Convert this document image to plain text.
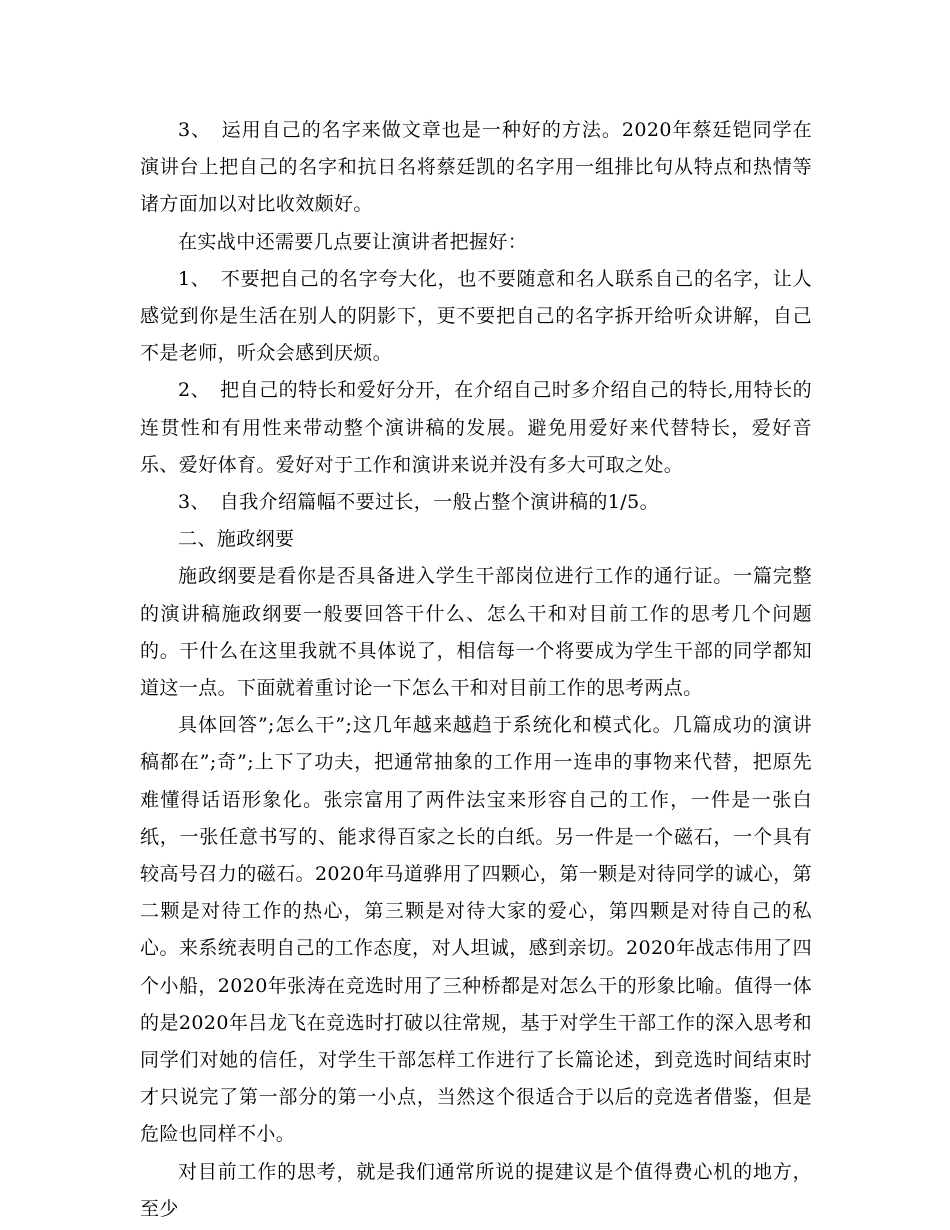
3、　运用自己的名字来做文章也是一种好的方法。2020年蔡廷铠同学在演讲台上把自己的名字和抗日名将蔡廷凯的名字用一组排比句从特点和热情等诸方面加以对比收效颇好。

在实战中还需要几点要让演讲者把握好：

1、　不要把自己的名字夸大化，也不要随意和名人联系自己的名字，让人感觉到你是生活在别人的阴影下，更不要把自己的名字拆开给听众讲解，自己不是老师，听众会感到厌烦。

2、　把自己的特长和爱好分开，在介绍自己时多介绍自己的特长,用特长的连贯性和有用性来带动整个演讲稿的发展。避免用爱好来代替特长，爱好音乐、爱好体育。爱好对于工作和演讲来说并没有多大可取之处。

3、　自我介绍篇幅不要过长，一般占整个演讲稿的1/5。

二、施政纲要

施政纲要是看你是否具备进入学生干部岗位进行工作的通行证。一篇完整的演讲稿施政纲要一般要回答干什么、怎么干和对目前工作的思考几个问题的。干什么在这里我就不具体说了，相信每一个将要成为学生干部的同学都知道这一点。下面就着重讨论一下怎么干和对目前工作的思考两点。

具体回答”;怎么干”;这几年越来越趋于系统化和模式化。几篇成功的演讲稿都在”;奇”;上下了功夫，把通常抽象的工作用一连串的事物来代替，把原先难懂得话语形象化。张宗富用了两件法宝来形容自己的工作，一件是一张白纸，一张任意书写的、能求得百家之长的白纸。另一件是一个磁石，一个具有较高号召力的磁石。2020年马道骅用了四颗心，第一颗是对待同学的诚心，第二颗是对待工作的热心，第三颗是对待大家的爱心，第四颗是对待自己的私心。来系统表明自己的工作态度，对人坦诚，感到亲切。2020年战志伟用了四个小船，2020年张涛在竞选时用了三种桥都是对怎么干的形象比喻。值得一体的是2020年吕龙飞在竞选时打破以往常规，基于对学生干部工作的深入思考和同学们对她的信任，对学生干部怎样工作进行了长篇论述，到竞选时间结束时才只说完了第一部分的第一小点，当然这个很适合于以后的竞选者借鉴，但是危险也同样不小。

对目前工作的思考，就是我们通常所说的提建议是个值得费心机的地方，至少
